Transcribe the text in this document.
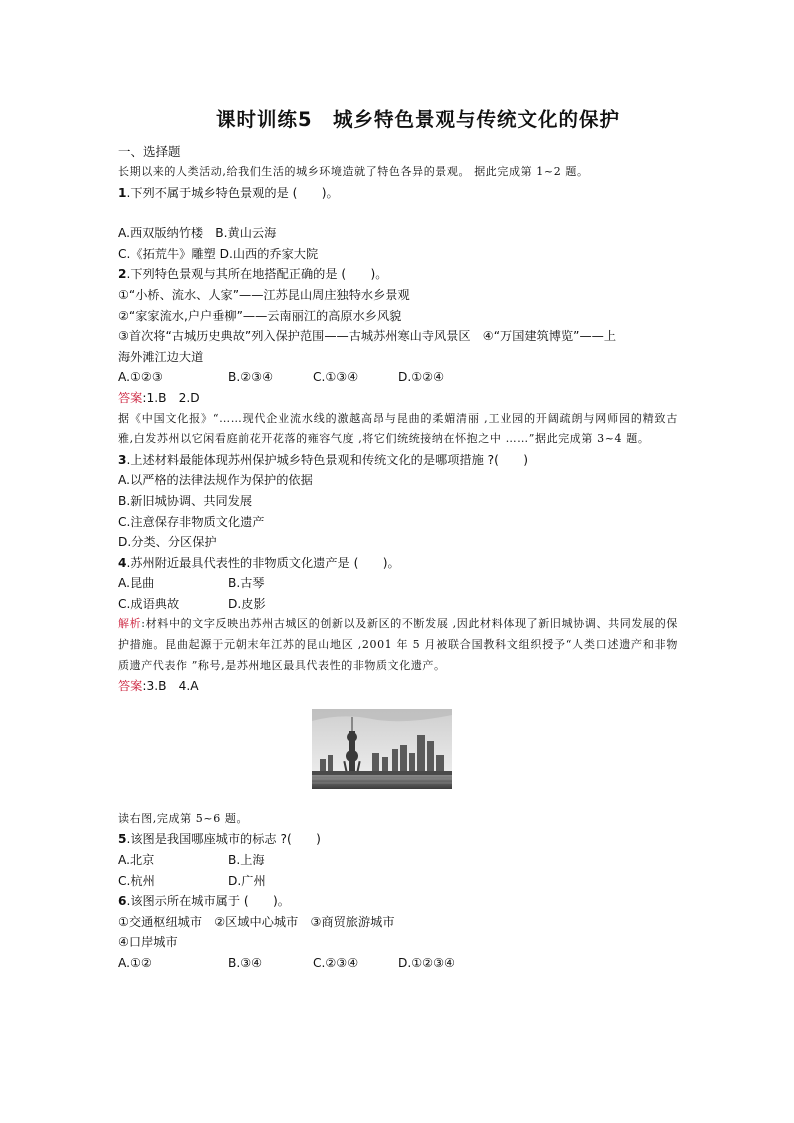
课时训练5　城乡特色景观与传统文化的保护
一、选择题
长期以来的人类活动,给我们生活的城乡环境造就了特色各异的景观。 据此完成第 1~2 题。
1.下列不属于城乡特色景观的是 (　　)。
A.西双版纳竹楼　B.黄山云海
C.《拓荒牛》雕塑 D.山西的乔家大院
2.下列特色景观与其所在地搭配正确的是 (　　)。
①“小桥、流水、人家”——江苏昆山周庄独特水乡景观
②“家家流水,户户垂柳”——云南丽江的高原水乡风貌
③首次将“古城历史典故”列入保护范围——古城苏州寒山寺风景区　④“万国建筑博览”——上
海外滩江边大道
A.①②③	B.②③④	C.①③④	D.①②④
答案:1.B　2.D
据《中国文化报》“……现代企业流水线的激越高昂与昆曲的柔媚清丽 ,工业园的开阔疏朗与网师园的精致古雅,白发苏州以它闲看庭前花开花落的雍容气度 ,将它们统统接纳在怀抱之中 ……”据此完成第 3~4 题。
3.上述材料最能体现苏州保护城乡特色景观和传统文化的是哪项措施 ?(　　)
A.以严格的法律法规作为保护的依据
B.新旧城协调、共同发展
C.注意保存非物质文化遗产
D.分类、分区保护
4.苏州附近最具代表性的非物质文化遗产是 (　　)。
A.昆曲	B.古琴
C.成语典故	D.皮影
解析:材料中的文字反映出苏州古城区的创新以及新区的不断发展 ,因此材料体现了新旧城协调、共同发展的保护措施。昆曲起源于元朝末年江苏的昆山地区 ,2001 年 5 月被联合国教科文组织授予“人类口述遗产和非物质遗产代表作 ”称号,是苏州地区最具代表性的非物质文化遗产。
答案:3.B　4.A
读右图,完成第 5~6 题。
5.该图是我国哪座城市的标志 ?(　　)
A.北京	B.上海
C.杭州	D.广州
6.该图示所在城市属于 (　　)。
①交通枢纽城市　②区域中心城市　③商贸旅游城市
④口岸城市
A.①②	B.③④	C.②③④	D.①②③④
